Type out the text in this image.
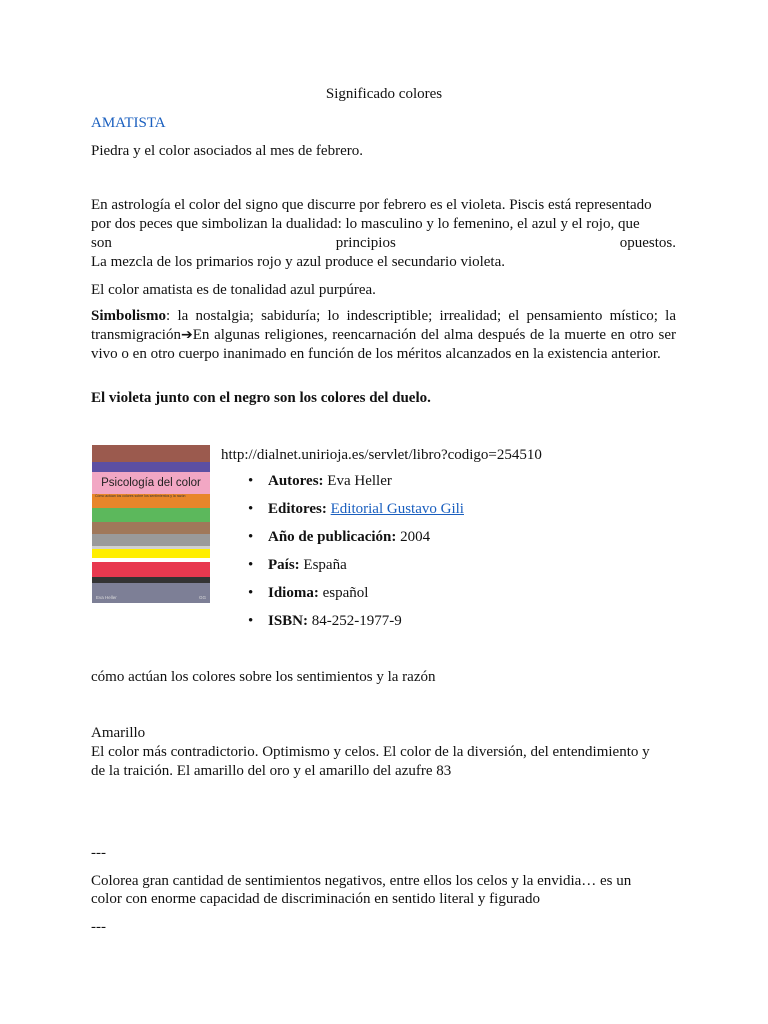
Significado colores
AMATISTA
Piedra y el color asociados al mes de febrero.
En astrología el color del signo que discurre por febrero es el violeta. Piscis está representado
por dos peces que simbolizan la dualidad: lo masculino y lo femenino, el azul y el rojo, que
son	principios	opuestos.
La mezcla de los primarios rojo y azul produce el secundario violeta.
El color amatista es de tonalidad azul purpúrea.
Simbolismo: la nostalgia; sabiduría; lo indescriptible; irrealidad; el pensamiento místico; la transmigración➔En algunas religiones, reencarnación del alma después de la muerte en otro ser vivo o en otro cuerpo inanimado en función de los méritos alcanzados en la existencia anterior.
El violeta junto con el negro son los colores del duelo.
Psicología del color
Cómo actúan los colores sobre los sentimientos y la razón
Eva Heller	GG
http://dialnet.unirioja.es/servlet/libro?codigo=254510
• Autores: Eva Heller
• Editores: Editorial Gustavo Gili
• Año de publicación: 2004
• País: España
• Idioma: español
• ISBN: 84-252-1977-9
cómo actúan los colores sobre los sentimientos y la razón
Amarillo
El color más contradictorio. Optimismo y celos. El color de la diversión, del entendimiento y
de la traición. El amarillo del oro y el amarillo del azufre 83
---
Colorea gran cantidad de sentimientos negativos, entre ellos los celos y la envidia… es un
color con enorme capacidad de discriminación en sentido literal y figurado
---
